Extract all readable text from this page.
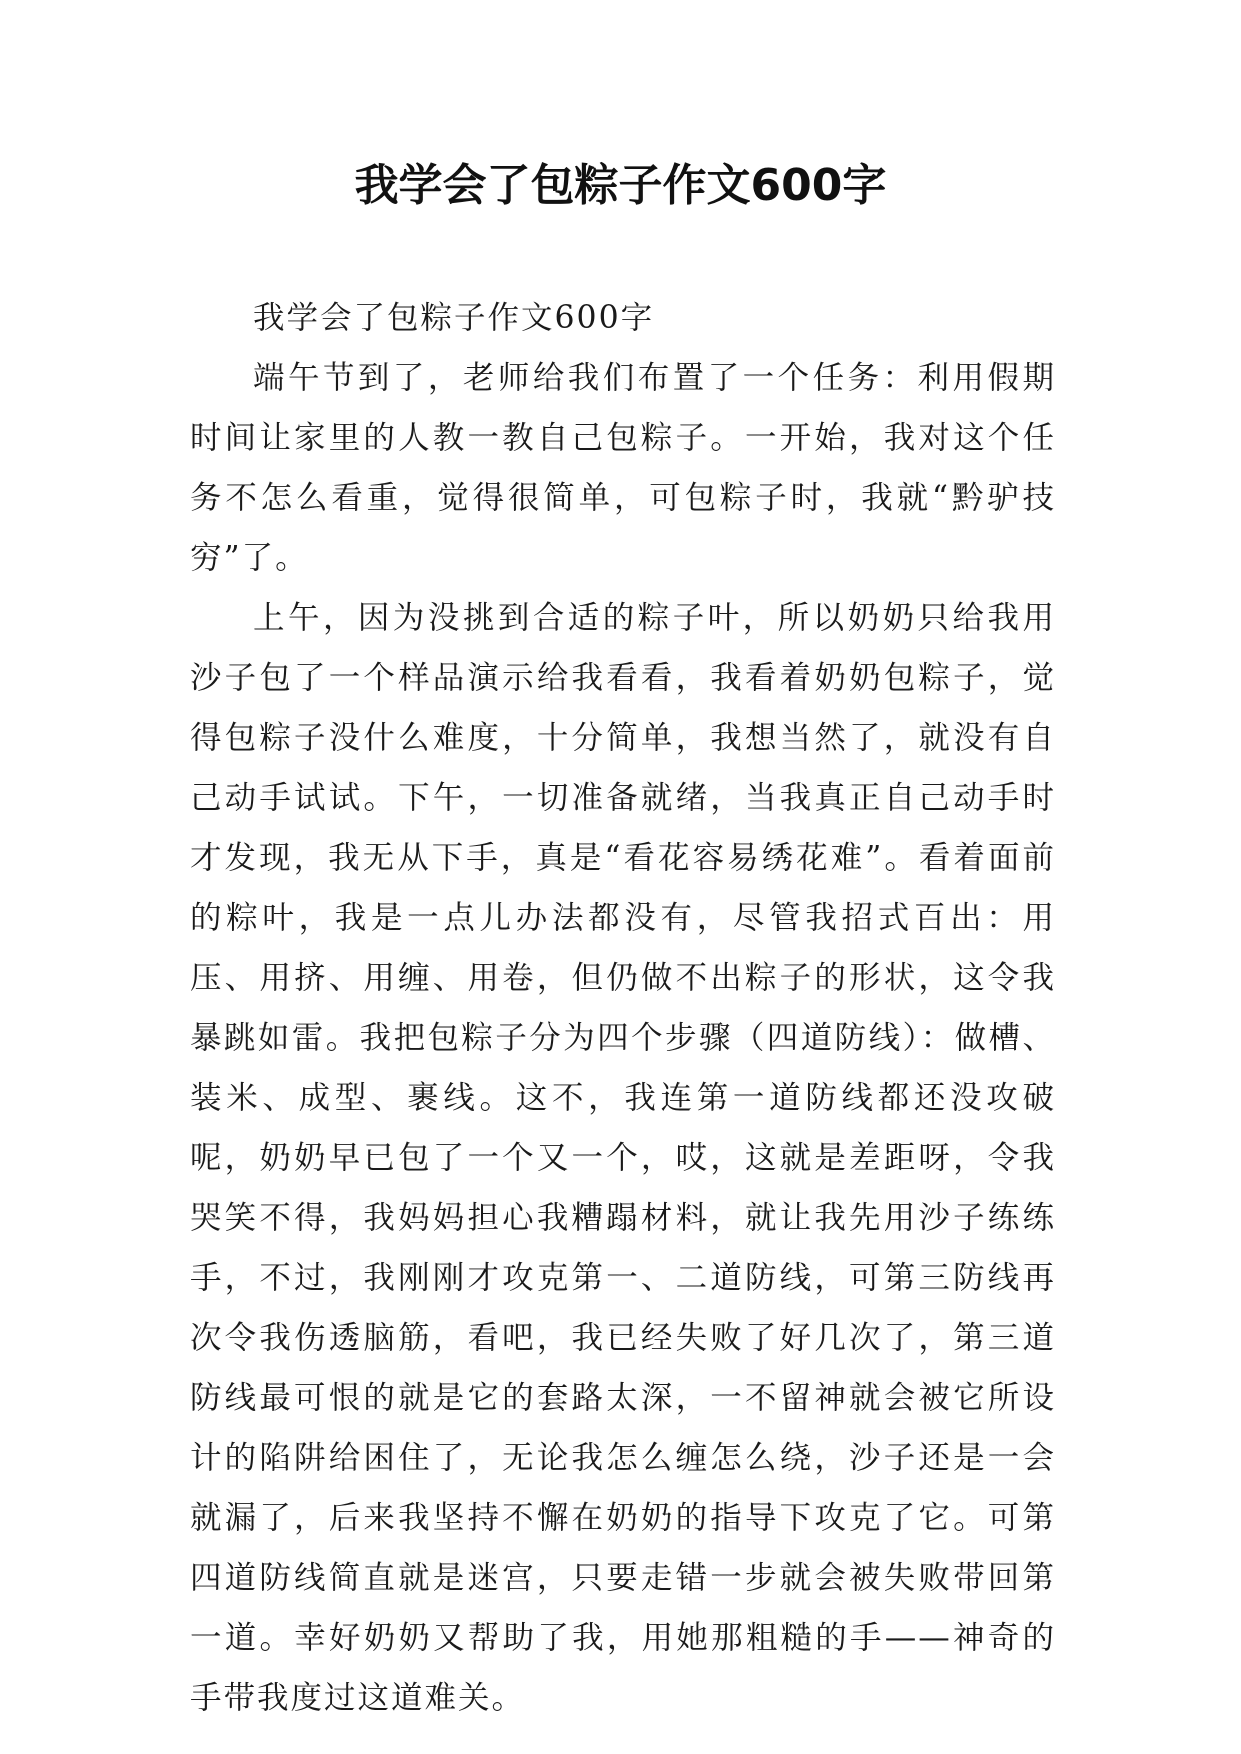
我学会了包粽子作文600字

我学会了包粽子作文600字

端午节到了，老师给我们布置了一个任务：利用假期时间让家里的人教一教自己包粽子。一开始，我对这个任务不怎么看重，觉得很简单，可包粽子时，我就“黔驴技穷”了。

上午，因为没挑到合适的粽子叶，所以奶奶只给我用沙子包了一个样品演示给我看看，我看着奶奶包粽子，觉得包粽子没什么难度，十分简单，我想当然了，就没有自己动手试试。下午，一切准备就绪，当我真正自己动手时才发现，我无从下手，真是“看花容易绣花难”。看着面前的粽叶，我是一点儿办法都没有，尽管我招式百出：用压、用挤、用缠、用卷，但仍做不出粽子的形状，这令我暴跳如雷。我把包粽子分为四个步骤（四道防线）：做槽、装米、成型、裹线。这不，我连第一道防线都还没攻破呢，奶奶早已包了一个又一个，哎，这就是差距呀，令我哭笑不得，我妈妈担心我糟蹋材料，就让我先用沙子练练手，不过，我刚刚才攻克第一、二道防线，可第三防线再次令我伤透脑筋，看吧，我已经失败了好几次了，第三道防线最可恨的就是它的套路太深，一不留神就会被它所设计的陷阱给困住了，无论我怎么缠怎么绕，沙子还是一会就漏了，后来我坚持不懈在奶奶的指导下攻克了它。可第四道防线简直就是迷宫，只要走错一步就会被失败带回第一道。幸好奶奶又帮助了我，用她那粗糙的手——神奇的手带我度过这道难关。
